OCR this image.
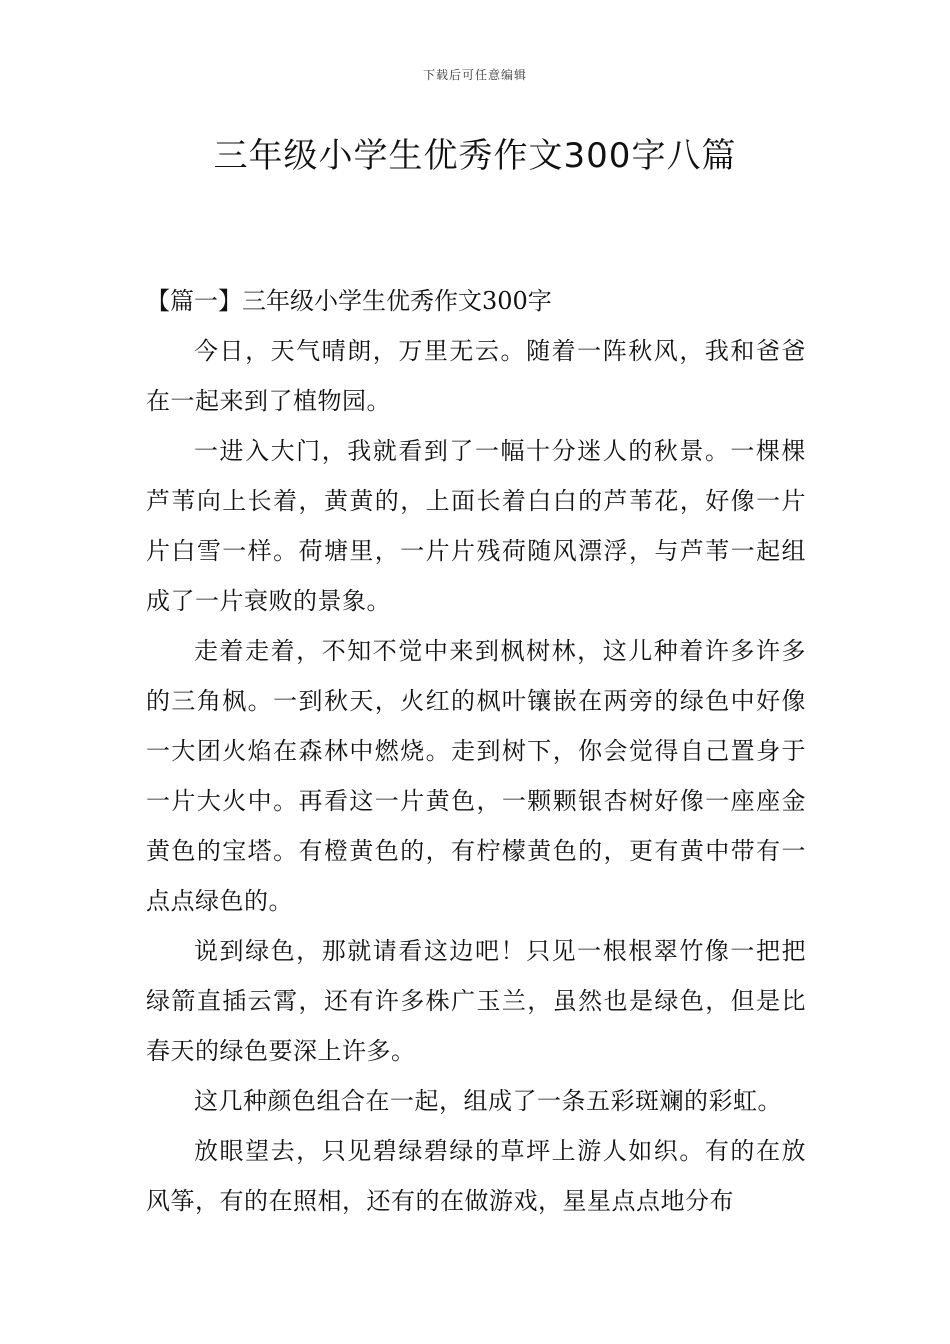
下载后可任意编辑
三年级小学生优秀作文300字八篇
【篇一】三年级小学生优秀作文300字

今日，天气晴朗，万里无云。随着一阵秋风，我和爸爸在一起来到了植物园。

一进入大门，我就看到了一幅十分迷人的秋景。一棵棵芦苇向上长着，黄黄的，上面长着白白的芦苇花，好像一片片白雪一样。荷塘里，一片片残荷随风漂浮，与芦苇一起组成了一片衰败的景象。

走着走着，不知不觉中来到枫树林，这儿种着许多许多的三角枫。一到秋天，火红的枫叶镶嵌在两旁的绿色中好像一大团火焰在森林中燃烧。走到树下，你会觉得自己置身于一片大火中。再看这一片黄色，一颗颗银杏树好像一座座金黄色的宝塔。有橙黄色的，有柠檬黄色的，更有黄中带有一点点绿色的。

说到绿色，那就请看这边吧！只见一根根翠竹像一把把绿箭直插云霄，还有许多株广玉兰，虽然也是绿色，但是比春天的绿色要深上许多。

这几种颜色组合在一起，组成了一条五彩斑斓的彩虹。

放眼望去，只见碧绿碧绿的草坪上游人如织。有的在放风筝，有的在照相，还有的在做游戏，星星点点地分布
